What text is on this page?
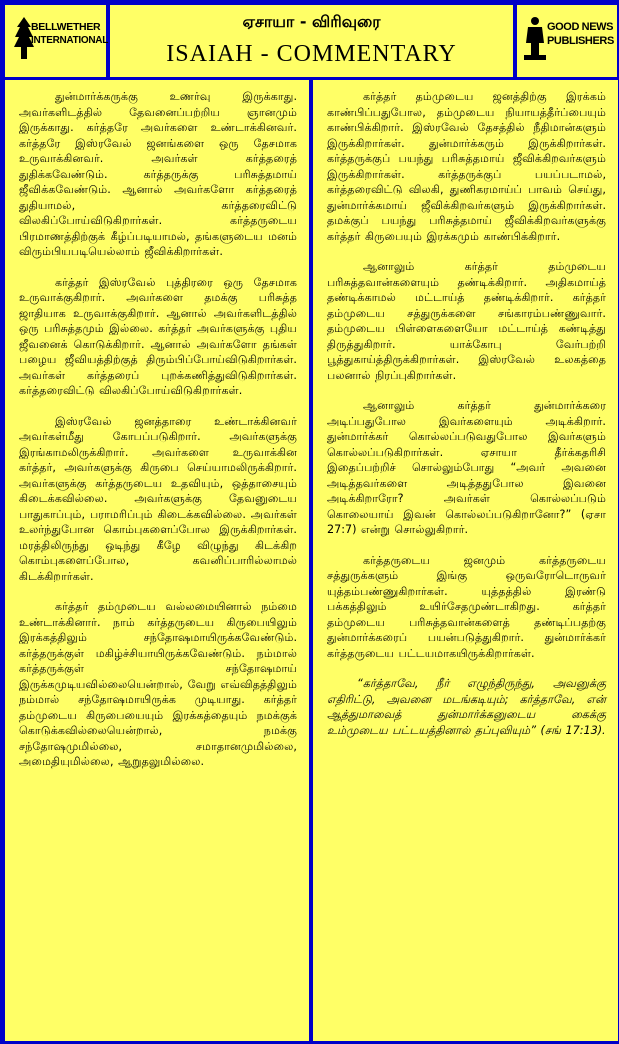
BELLWETHER
INTERNATIONAL
ஏசாயா - விரிவுரை
ISAIAH - COMMENTARY
GOOD NEWS
PUBLISHERS

துன்மார்க்கருக்கு உணர்வு இருக்காது. அவர்களிடத்தில் தேவனைப்பற்றிய ஞானமும் இருக்காது. கர்த்தரே அவர்களை உண்டாக்கினவர். கர்த்தரே இஸ்ரவேல் ஜனங்களை ஒரு தேசமாக உருவாக்கினவர். அவர்கள் கர்த்தரைத் துதிக்கவேண்டும். கர்த்தருக்கு பரிசுத்தமாய் ஜீவிக்கவேண்டும். ஆனால் அவர்களோ கர்த்தரைத் துதியாமல், கர்த்தரைவிட்டு விலகிப்போய்விடுகிறார்கள். கர்த்தருடைய பிரமாணத்திற்குக் கீழ்ப்படியாமல், தங்களுடைய மனம் விரும்பியபடியெல்லாம் ஜீவிக்கிறார்கள்.

கர்த்தர் இஸ்ரவேல் புத்திரரை ஒரு தேசமாக உருவாக்குகிறார். அவர்களை தமக்கு பரிசுத்த ஜாதியாக உருவாக்குகிறார். ஆனால் அவர்களிடத்தில் ஒரு பரிசுத்தமும் இல்லை. கர்த்தர் அவர்களுக்கு புதிய ஜீவனைக் கொடுக்கிறார். ஆனால் அவர்களோ தங்கள் பழைய ஜீவியத்திற்குத் திரும்பிப்போய்விடுகிறார்கள். அவர்கள் கர்த்தரைப் புறக்கணித்துவிடுகிறார்கள். கர்த்தரைவிட்டு விலகிப்போய்விடுகிறார்கள்.

இஸ்ரவேல் ஜனத்தாரை உண்டாக்கினவர் அவர்கள்மீது கோபப்படுகிறார். அவர்களுக்கு இரங்காமலிருக்கிறார். அவர்களை உருவாக்கின கர்த்தர், அவர்களுக்கு கிருபை செய்யாமலிருக்கிறார். அவர்களுக்கு கர்த்தருடைய உதவியும், ஒத்தாசையும் கிடைக்கவில்லை. அவர்களுக்கு தேவனுடைய பாதுகாப்பும், பராமரிப்பும் கிடைக்கவில்லை. அவர்கள் உலர்ந்துபோன கொம்புகளைப்போல இருக்கிறார்கள். மரத்திலிருந்து ஒடிந்து கீழே விழுந்து கிடக்கிற கொம்புகளைப்போல, கவனிப்பாரில்லாமல் கிடக்கிறார்கள்.

கர்த்தர் தம்முடைய வல்லமையினால் நம்மை உண்டாக்கினார். நாம் கர்த்தருடைய கிருபையிலும் இரக்கத்திலும் சந்தோஷமாயிருக்கவேண்டும். கர்த்தருக்குள் மகிழ்ச்சியாயிருக்கவேண்டும். நம்மால் கர்த்தருக்குள் சந்தோஷமாய் இருக்கமுடியவில்லையென்றால், வேறு எவ்விதத்திலும் நம்மால் சந்தோஷமாயிருக்க முடியாது. கர்த்தர் தம்முடைய கிருபையையும் இரக்கத்தையும் நமக்குக் கொடுக்கவில்லையென்றால், நமக்கு சந்தோஷமுமில்லை, சமாதானமுமில்லை, அமைதியுமில்லை, ஆறுதலுமில்லை.

கர்த்தர் தம்முடைய ஜனத்திற்கு இரக்கம் காண்பிப்பதுபோல, தம்முடைய நியாயத்தீர்ப்பையும் காண்பிக்கிறார். இஸ்ரவேல் தேசத்தில் நீதிமான்களும் இருக்கிறார்கள். துன்மார்க்கரும் இருக்கிறார்கள். கர்த்தருக்குப் பயந்து பரிசுத்தமாய் ஜீவிக்கிறவர்களும் இருக்கிறார்கள். கர்த்தருக்குப் பயப்படாமல், கர்த்தரைவிட்டு விலகி, துணிகரமாய்ப் பாவம் செய்து, துன்மார்க்கமாய் ஜீவிக்கிறவர்களும் இருக்கிறார்கள். தமக்குப் பயந்து பரிசுத்தமாய் ஜீவிக்கிறவர்களுக்கு கர்த்தர் கிருபையும் இரக்கமும் காண்பிக்கிறார்.

ஆனாலும் கர்த்தர் தம்முடைய பரிசுத்தவான்களையும் தண்டிக்கிறார். அதிகமாய்த் தண்டிக்காமல் மட்டாய்த் தண்டிக்கிறார். கர்த்தர் தம்முடைய சத்துருக்களை சங்காரம்பண்ணுவார். தம்முடைய பிள்ளைகளையோ மட்டாய்த் கண்டித்து திருத்துகிறார். யாக்கோபு வேர்பற்றி பூத்துகாய்த்திருக்கிறார்கள். இஸ்ரவேல் உலகத்தை பலனால் நிரப்புகிறார்கள்.

ஆனாலும் கர்த்தர் துன்மார்க்கரை அடிப்பதுபோல இவர்களையும் அடிக்கிறார். துன்மார்க்கர் கொல்லப்படுவதுபோல இவர்களும் கொல்லப்படுகிறார்கள். ஏசாயா தீர்க்கதரிசி இதைப்பற்றிச் சொல்லும்போது “அவர் அவனை அடித்தவர்களை அடித்ததுபோல இவனை அடிக்கிறாரோ? அவர்கள் கொல்லப்படும் கொலையாய் இவன் கொல்லப்படுகிறானோ?” (ஏசா 27:7) என்று சொல்லுகிறார்.

கர்த்தருடைய ஜனமும் கர்த்தருடைய சத்துருக்களும் இங்கு ஒருவரோடொருவர் யுத்தம்பண்ணுகிறார்கள். யுத்தத்தில் இரண்டு பக்கத்திலும் உயிர்சேதமுண்டாகிறது. கர்த்தர் தம்முடைய பரிசுத்தவான்களைத் தண்டிப்பதற்கு துன்மார்க்கரைப் பயன்படுத்துகிறார். துன்மார்க்கர் கர்த்தருடைய பட்டயமாகயிருக்கிறார்கள்.

“கர்த்தாவே, நீர் எழுந்திருந்து, அவனுக்கு எதிரிட்டு, அவனை மடங்கடியும்; கர்த்தாவே, என் ஆத்துமாவைத் துன்மார்க்கனுடைய கைக்கு உம்முடைய பட்டயத்தினால் தப்புவியும்” (சங் 17:13).
